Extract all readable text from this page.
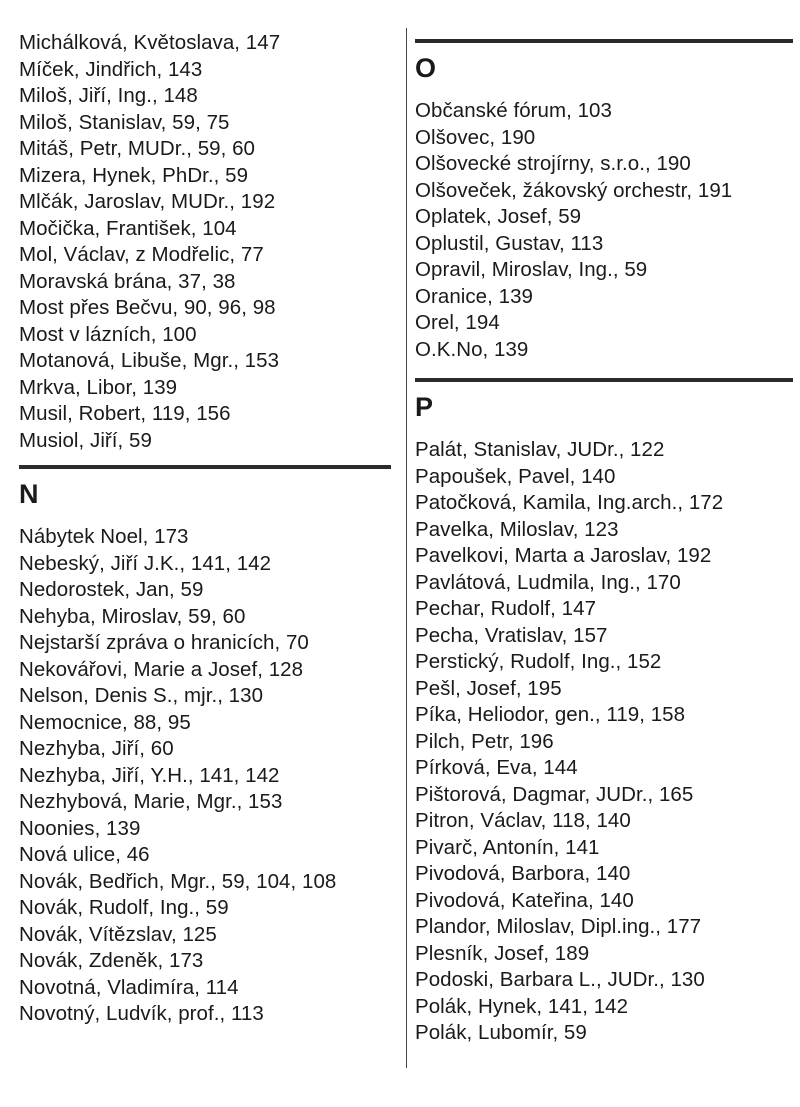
Michálková, Květoslava, 147
Míček, Jindřich, 143
Miloš, Jiří, Ing., 148
Miloš, Stanislav, 59, 75
Mitáš, Petr, MUDr., 59, 60
Mizera, Hynek, PhDr., 59
Mlčák, Jaroslav, MUDr., 192
Močička, František, 104
Mol, Václav, z Modřelic, 77
Moravská brána, 37, 38
Most přes Bečvu, 90, 96, 98
Most v lázních, 100
Motanová, Libuše, Mgr., 153
Mrkva, Libor, 139
Musil, Robert, 119, 156
Musiol, Jiří, 59
N
Nábytek Noel, 173
Nebeský, Jiří J.K., 141, 142
Nedorostek, Jan, 59
Nehyba, Miroslav, 59, 60
Nejstarší zpráva o hranicích, 70
Nekovářovi, Marie a Josef, 128
Nelson, Denis S., mjr., 130
Nemocnice, 88, 95
Nezhyba, Jiří, 60
Nezhyba, Jiří, Y.H., 141, 142
Nezhybová, Marie, Mgr., 153
Noonies, 139
Nová ulice, 46
Novák, Bedřich, Mgr., 59, 104, 108
Novák, Rudolf, Ing., 59
Novák, Vítězslav, 125
Novák, Zdeněk, 173
Novotná, Vladimíra, 114
Novotný, Ludvík, prof., 113
O
Občanské fórum, 103
Olšovec, 190
Olšovecké strojírny, s.r.o., 190
Olšoveček, žákovský orchestr, 191
Oplatek, Josef, 59
Oplustil, Gustav, 113
Opravil, Miroslav, Ing., 59
Oranice, 139
Orel, 194
O.K.No, 139
P
Palát, Stanislav, JUDr., 122
Papoušek, Pavel, 140
Patočková, Kamila, Ing.arch., 172
Pavelka, Miloslav, 123
Pavelkovi, Marta a Jaroslav, 192
Pavlátová, Ludmila, Ing., 170
Pechar, Rudolf, 147
Pecha, Vratislav, 157
Perstický, Rudolf, Ing., 152
Pešl, Josef, 195
Píka, Heliodor, gen., 119, 158
Pilch, Petr, 196
Pírková, Eva, 144
Pištorová, Dagmar, JUDr., 165
Pitron, Václav, 118, 140
Pivarč, Antonín, 141
Pivodová, Barbora, 140
Pivodová, Kateřina, 140
Plandor, Miloslav, Dipl.ing., 177
Plesník, Josef, 189
Podoski, Barbara L., JUDr., 130
Polák, Hynek, 141, 142
Polák, Lubomír, 59
